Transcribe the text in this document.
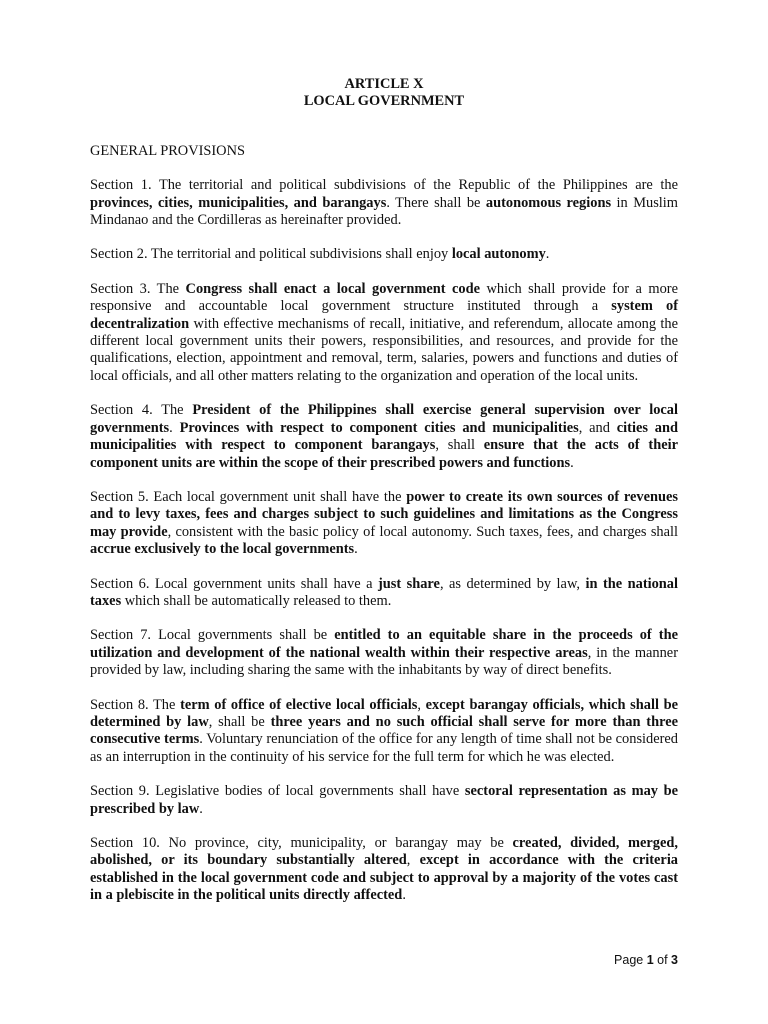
ARTICLE X

LOCAL GOVERNMENT

GENERAL PROVISIONS

Section 1. The territorial and political subdivisions of the Republic of the Philippines are the provinces, cities, municipalities, and barangays. There shall be autonomous regions in Muslim Mindanao and the Cordilleras as hereinafter provided.

Section 2. The territorial and political subdivisions shall enjoy local autonomy.

Section 3. The Congress shall enact a local government code which shall provide for a more responsive and accountable local government structure instituted through a system of decentralization with effective mechanisms of recall, initiative, and referendum, allocate among the different local government units their powers, responsibilities, and resources, and provide for the qualifications, election, appointment and removal, term, salaries, powers and functions and duties of local officials, and all other matters relating to the organization and operation of the local units.

Section 4. The President of the Philippines shall exercise general supervision over local governments. Provinces with respect to component cities and municipalities, and cities and municipalities with respect to component barangays, shall ensure that the acts of their component units are within the scope of their prescribed powers and functions.

Section 5. Each local government unit shall have the power to create its own sources of revenues and to levy taxes, fees and charges subject to such guidelines and limitations as the Congress may provide, consistent with the basic policy of local autonomy. Such taxes, fees, and charges shall accrue exclusively to the local governments.

Section 6. Local government units shall have a just share, as determined by law, in the national taxes which shall be automatically released to them.

Section 7. Local governments shall be entitled to an equitable share in the proceeds of the utilization and development of the national wealth within their respective areas, in the manner provided by law, including sharing the same with the inhabitants by way of direct benefits.

Section 8. The term of office of elective local officials, except barangay officials, which shall be determined by law, shall be three years and no such official shall serve for more than three consecutive terms. Voluntary renunciation of the office for any length of time shall not be considered as an interruption in the continuity of his service for the full term for which he was elected.

Section 9. Legislative bodies of local governments shall have sectoral representation as may be prescribed by law.

Section 10. No province, city, municipality, or barangay may be created, divided, merged, abolished, or its boundary substantially altered, except in accordance with the criteria established in the local government code and subject to approval by a majority of the votes cast in a plebiscite in the political units directly affected.

Page 1 of 3
